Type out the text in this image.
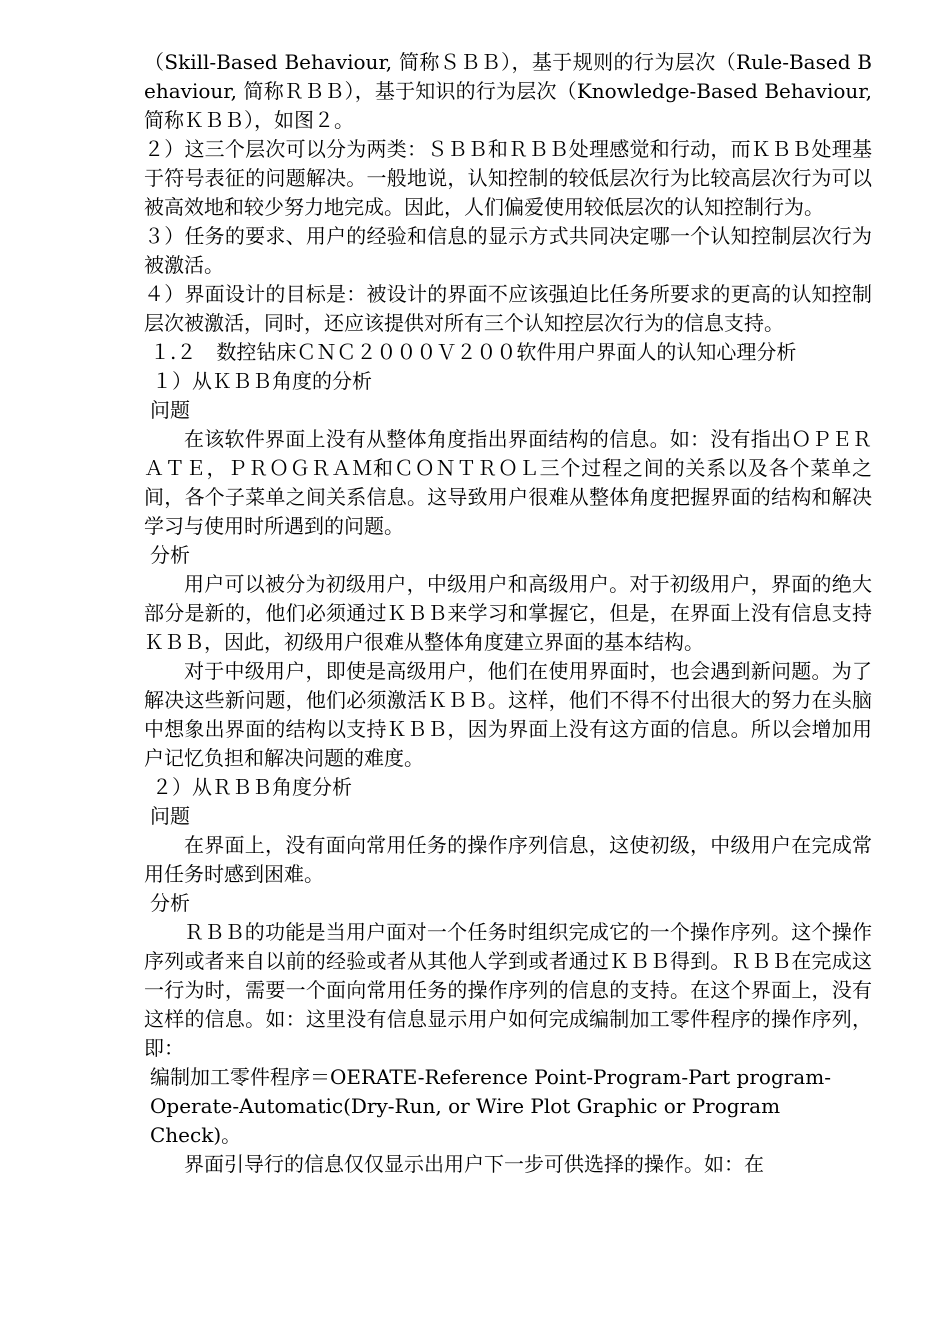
（Skill-Based Behaviour, 简称ＳＢＢ），基于规则的行为层次（Rule-Based Behaviour, 简称ＲＢＢ），基于知识的行为层次（Knowledge-Based Behaviour, 简称ＫＢＢ），如图２。

２）这三个层次可以分为两类：ＳＢＢ和ＲＢＢ处理感觉和行动，而ＫＢＢ处理基于符号表征的问题解决。一般地说，认知控制的较低层次行为比较高层次行为可以被高效地和较少努力地完成。因此，人们偏爱使用较低层次的认知控制行为。

３）任务的要求、用户的经验和信息的显示方式共同决定哪一个认知控制层次行为被激活。

４）界面设计的目标是：被设计的界面不应该强迫比任务所要求的更高的认知控制层次被激活，同时，还应该提供对所有三个认知控层次行为的信息支持。

１.２　数控钻床ＣＮＣ２０００Ｖ２００软件用户界面人的认知心理分析

１）从ＫＢＢ角度的分析

问题

在该软件界面上没有从整体角度指出界面结构的信息。如：没有指出ＯＰＥＲＡＴＥ，ＰＲＯＧＲＡＭ和ＣＯＮＴＲＯＬ三个过程之间的关系以及各个菜单之间，各个子菜单之间关系信息。这导致用户很难从整体角度把握界面的结构和解决学习与使用时所遇到的问题。

分析

用户可以被分为初级用户，中级用户和高级用户。对于初级用户，界面的绝大部分是新的，他们必须通过ＫＢＢ来学习和掌握它，但是，在界面上没有信息支持ＫＢＢ，因此，初级用户很难从整体角度建立界面的基本结构。

对于中级用户，即使是高级用户，他们在使用界面时，也会遇到新问题。为了解决这些新问题，他们必须激活ＫＢＢ。这样，他们不得不付出很大的努力在头脑中想象出界面的结构以支持ＫＢＢ，因为界面上没有这方面的信息。所以会增加用户记忆负担和解决问题的难度。

２）从ＲＢＢ角度分析

问题

在界面上，没有面向常用任务的操作序列信息，这使初级，中级用户在完成常用任务时感到困难。

分析

ＲＢＢ的功能是当用户面对一个任务时组织完成它的一个操作序列。这个操作序列或者来自以前的经验或者从其他人学到或者通过ＫＢＢ得到。ＲＢＢ在完成这一行为时，需要一个面向常用任务的操作序列的信息的支持。在这个界面上，没有这样的信息。如：这里没有信息显示用户如何完成编制加工零件程序的操作序列，即：

编制加工零件程序＝OERATE-Reference Point-Program-Part program-Operate-Automatic(Dry-Run, or Wire Plot Graphic or Program Check)。

界面引导行的信息仅仅显示出用户下一步可供选择的操作。如：在
